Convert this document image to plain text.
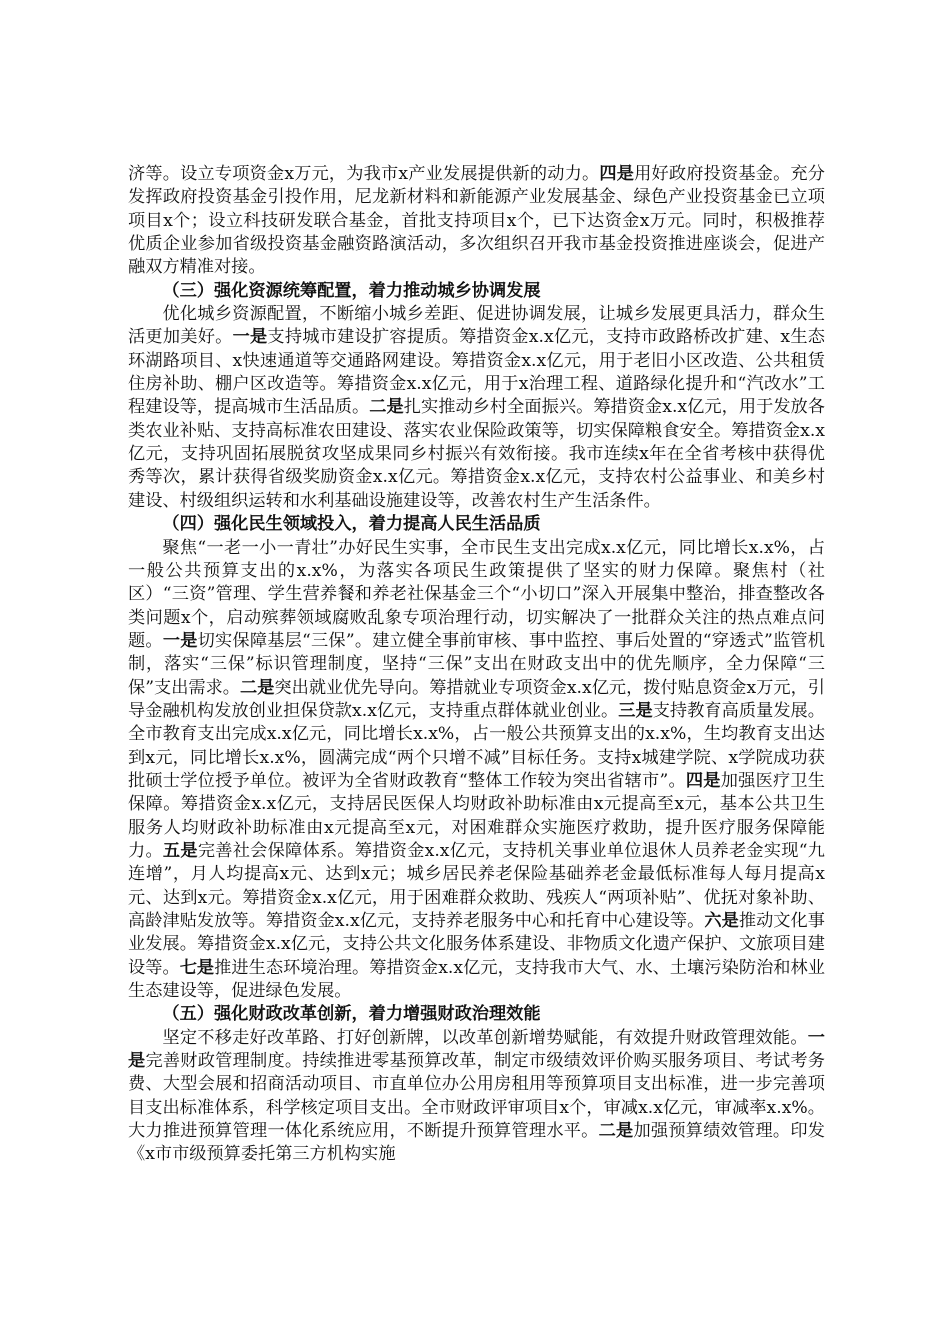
济等。设立专项资金x万元，为我市x产业发展提供新的动力。四是用好政府投资基金。充分发挥政府投资基金引投作用，尼龙新材料和新能源产业发展基金、绿色产业投资基金已立项项目x个；设立科技研发联合基金，首批支持项目x个，已下达资金x万元。同时，积极推荐优质企业参加省级投资基金融资路演活动，多次组织召开我市基金投资推进座谈会，促进产融双方精准对接。

（三）强化资源统筹配置，着力推动城乡协调发展

优化城乡资源配置，不断缩小城乡差距、促进协调发展，让城乡发展更具活力，群众生活更加美好。一是支持城市建设扩容提质。筹措资金x.x亿元，支持市政路桥改扩建、x生态环湖路项目、x快速通道等交通路网建设。筹措资金x.x亿元，用于老旧小区改造、公共租赁住房补助、棚户区改造等。筹措资金x.x亿元，用于x治理工程、道路绿化提升和“汽改水”工程建设等，提高城市生活品质。二是扎实推动乡村全面振兴。筹措资金x.x亿元，用于发放各类农业补贴、支持高标准农田建设、落实农业保险政策等，切实保障粮食安全。筹措资金x.x亿元，支持巩固拓展脱贫攻坚成果同乡村振兴有效衔接。我市连续x年在全省考核中获得优秀等次，累计获得省级奖励资金x.x亿元。筹措资金x.x亿元，支持农村公益事业、和美乡村建设、村级组织运转和水利基础设施建设等，改善农村生产生活条件。

（四）强化民生领域投入，着力提高人民生活品质

聚焦“一老一小一青壮”办好民生实事，全市民生支出完成x.x亿元，同比增长x.x%，占一般公共预算支出的x.x%，为落实各项民生政策提供了坚实的财力保障。聚焦村（社区）“三资”管理、学生营养餐和养老社保基金三个“小切口”深入开展集中整治，排查整改各类问题x个，启动殡葬领域腐败乱象专项治理行动，切实解决了一批群众关注的热点难点问题。一是切实保障基层“三保”。建立健全事前审核、事中监控、事后处置的“穿透式”监管机制，落实“三保”标识管理制度，坚持“三保”支出在财政支出中的优先顺序，全力保障“三保”支出需求。二是突出就业优先导向。筹措就业专项资金x.x亿元，拨付贴息资金x万元，引导金融机构发放创业担保贷款x.x亿元，支持重点群体就业创业。三是支持教育高质量发展。全市教育支出完成x.x亿元，同比增长x.x%，占一般公共预算支出的x.x%，生均教育支出达到x元，同比增长x.x%，圆满完成“两个只增不减”目标任务。支持x城建学院、x学院成功获批硕士学位授予单位。被评为全省财政教育“整体工作较为突出省辖市”。四是加强医疗卫生保障。筹措资金x.x亿元，支持居民医保人均财政补助标准由x元提高至x元，基本公共卫生服务人均财政补助标准由x元提高至x元，对困难群众实施医疗救助，提升医疗服务保障能力。五是完善社会保障体系。筹措资金x.x亿元，支持机关事业单位退休人员养老金实现“九连增”，月人均提高x元、达到x元；城乡居民养老保险基础养老金最低标准每人每月提高x元、达到x元。筹措资金x.x亿元，用于困难群众救助、残疾人“两项补贴”、优抚对象补助、高龄津贴发放等。筹措资金x.x亿元，支持养老服务中心和托育中心建设等。六是推动文化事业发展。筹措资金x.x亿元，支持公共文化服务体系建设、非物质文化遗产保护、文旅项目建设等。七是推进生态环境治理。筹措资金x.x亿元，支持我市大气、水、土壤污染防治和林业生态建设等，促进绿色发展。

（五）强化财政改革创新，着力增强财政治理效能

坚定不移走好改革路、打好创新牌，以改革创新增势赋能，有效提升财政管理效能。一是完善财政管理制度。持续推进零基预算改革，制定市级绩效评价购买服务项目、考试考务费、大型会展和招商活动项目、市直单位办公用房租用等预算项目支出标准，进一步完善项目支出标准体系，科学核定项目支出。全市财政评审项目x个，审减x.x亿元，审减率x.x%。大力推进预算管理一体化系统应用，不断提升预算管理水平。二是加强预算绩效管理。印发《x市市级预算委托第三方机构实施
